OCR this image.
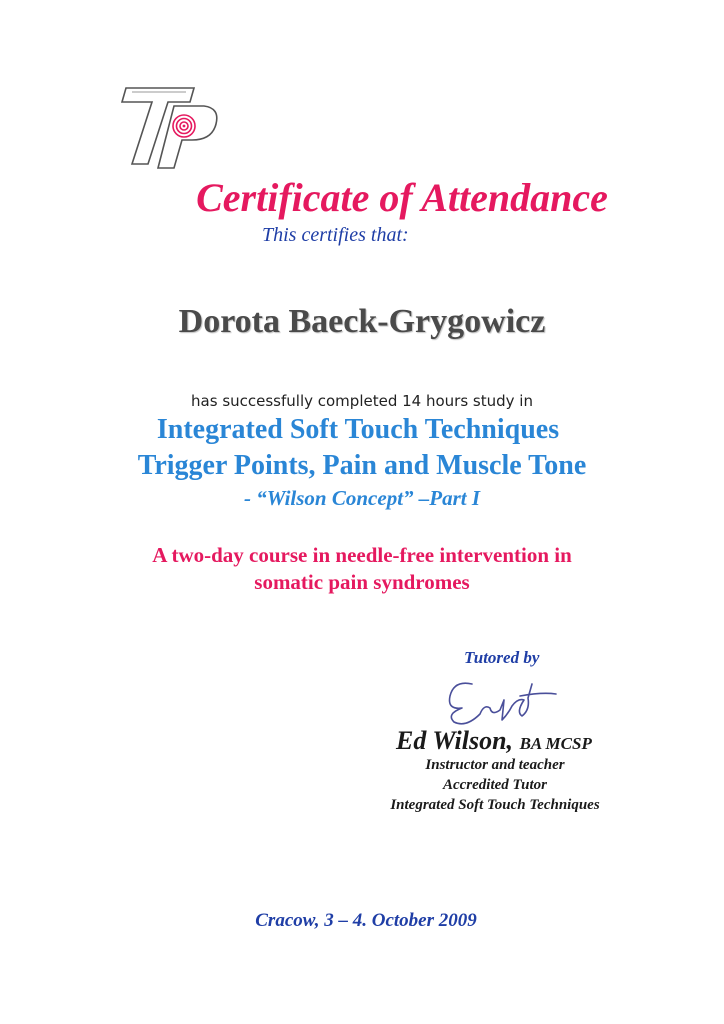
Certificate of Attendance
This certifies that:
Dorota Baeck-Grygowicz
has successfully completed 14 hours study in
Integrated Soft Touch Techniques
Trigger Points, Pain and Muscle Tone
- “Wilson Concept” –Part I
A two-day course in needle-free intervention in
somatic pain syndromes
Tutored by
Ed Wilson, BA MCSP
Instructor and teacher
Accredited Tutor
Integrated Soft Touch Techniques
Cracow, 3 – 4. October 2009
